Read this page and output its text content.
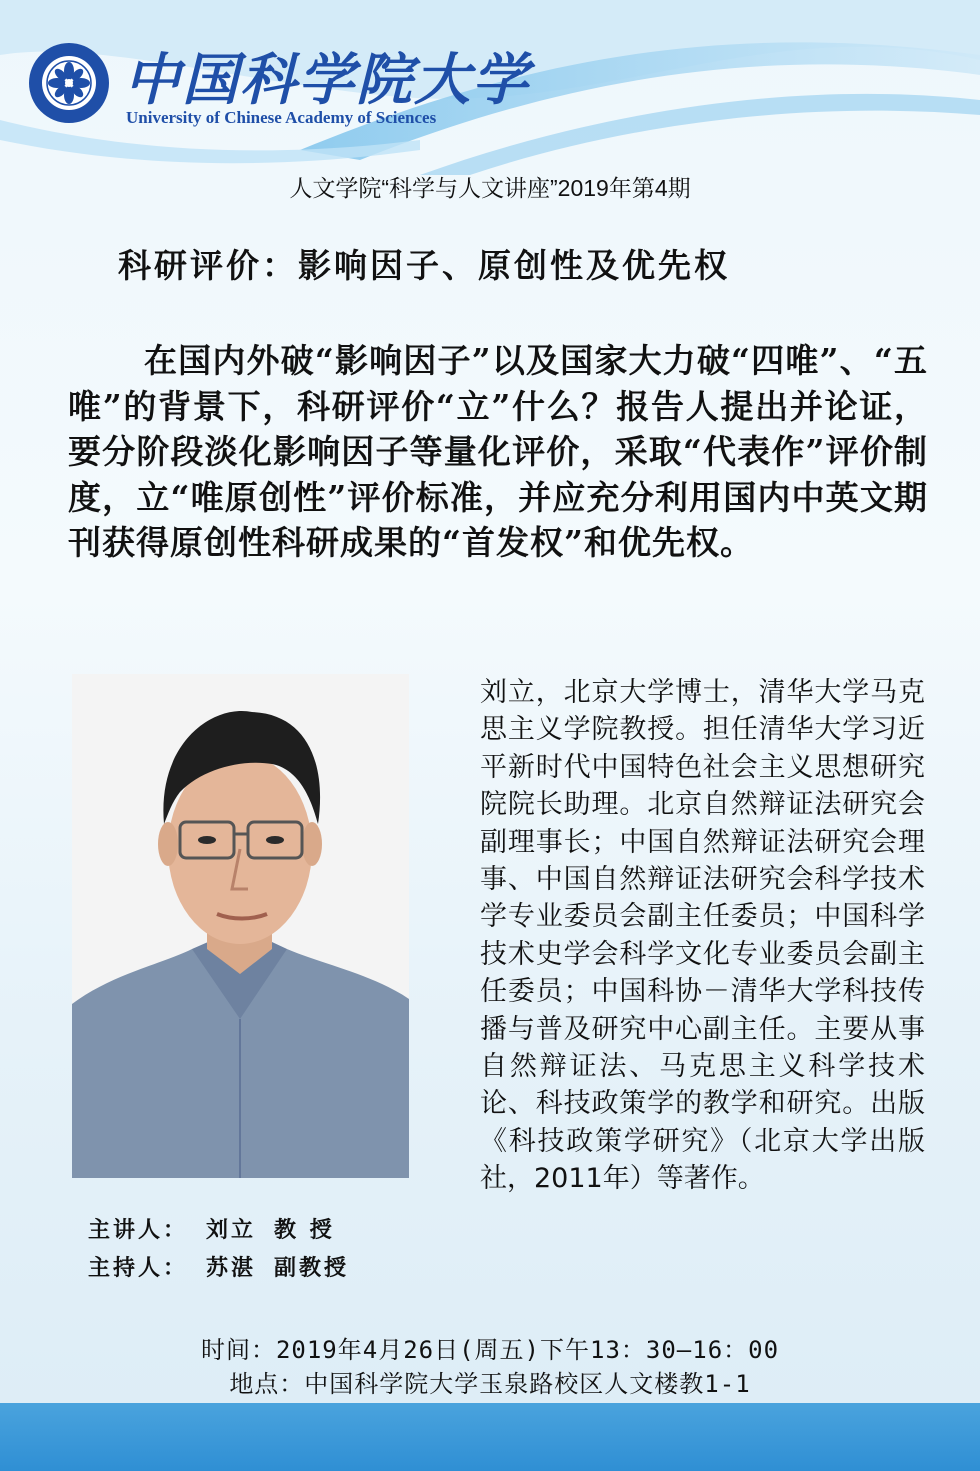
中国科学院大学
University of Chinese Academy of Sciences
人文学院“科学与人文讲座”2019年第4期
科研评价：影响因子、原创性及优先权
在国内外破“影响因子”以及国家大力破“四唯”、“五唯”的背景下，科研评价“立”什么？报告人提出并论证，要分阶段淡化影响因子等量化评价，采取“代表作”评价制度，立“唯原创性”评价标准，并应充分利用国内中英文期刊获得原创性科研成果的“首发权”和优先权。
刘立，北京大学博士，清华大学马克思主义学院教授。担任清华大学习近平新时代中国特色社会主义思想研究院院长助理。北京自然辩证法研究会副理事长；中国自然辩证法研究会理事、中国自然辩证法研究会科学技术学专业委员会副主任委员；中国科学技术史学会科学文化专业委员会副主任委员；中国科协－清华大学科技传播与普及研究中心副主任。主要从事自然辩证法、马克思主义科学技术论、科技政策学的教学和研究。出版《科技政策学研究》（北京大学出版社，2011年）等著作。
主讲人： 刘立 教 授
主持人： 苏湛 副教授
时间：2019年4月26日(周五)下午13：30—16：00
地点：中国科学院大学玉泉路校区人文楼教1-1
